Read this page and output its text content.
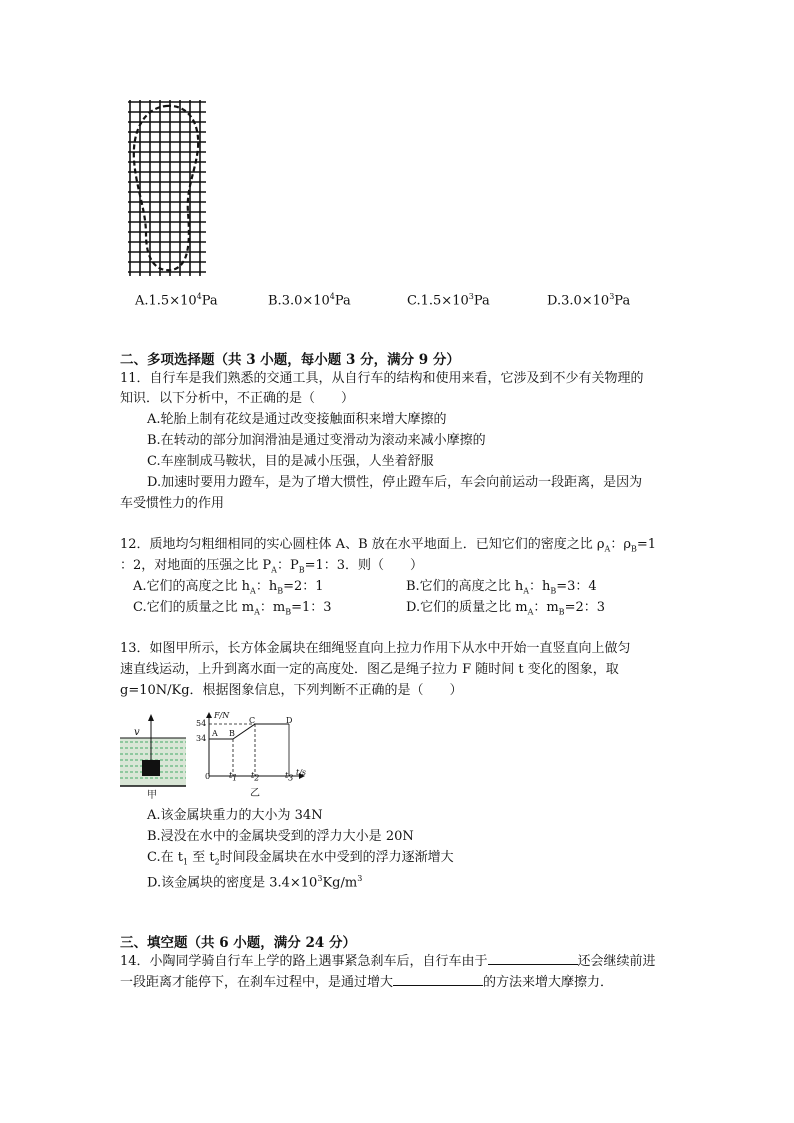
$A.1.5\times 10^4Pa$	$B.3.0\times 10^4Pa$	$C.1.5\times 10^3Pa$	$D.3.0\times 10^3Pa$
二、多项选择题（共 3 小题，每小题 3 分，满分 9 分）
11．自行车是我们熟悉的交通工具，从自行车的结构和使用来看，它涉及到不少有关物理的
知识．以下分析中，不正确的是（　　）
A.轮胎上制有花纹是通过改变接触面积来增大摩擦的
B.在转动的部分加润滑油是通过变滑动为滚动来减小摩擦的
C.车座制成马鞍状，目的是减小压强，人坐着舒服
D.加速时要用力蹬车，是为了增大惯性，停止蹬车后，车会向前运动一段距离，是因为
车受惯性力的作用
12．质地均匀粗细相同的实心圆柱体 A、B 放在水平地面上．已知它们的密度之比 $\rho_A$：$\rho_B=1$
：2，对地面的压强之比 $P_A$：$P_B=1$：3．则（　　）
A.它们的高度之比 $h_A$：$h_B=2$：1	B.它们的高度之比 $h_A$：$h_B=3$：4
C.它们的质量之比 $m_A$：$m_B=1$：3	D.它们的质量之比 $m_A$：$m_B=2$：3
13．如图甲所示，长方体金属块在细绳竖直向上拉力作用下从水中开始一直竖直向上做匀
速直线运动，上升到离水面一定的高度处．图乙是绳子拉力 F 随时间 t 变化的图象，取
g=10N/Kg．根据图象信息，下列判断不正确的是（　　）
v
甲
F/N
54
34
A B
C	D
0 $t_1$ $t_2$	$t_3$
t/s
乙
A.该金属块重力的大小为 34N
B.浸没在水中的金属块受到的浮力大小是 20N
C.在 $t_1$ 至 $t_2$时间段金属块在水中受到的浮力逐渐增大
D.该金属块的密度是 $3.4\times 10^3Kg/m^3$
三、填空题（共 6 小题，满分 24 分）
14．小陶同学骑自行车上学的路上遇事紧急刹车后，自行车由于	还会继续前进
一段距离才能停下，在刹车过程中，是通过增大	的方法来增大摩擦力．
